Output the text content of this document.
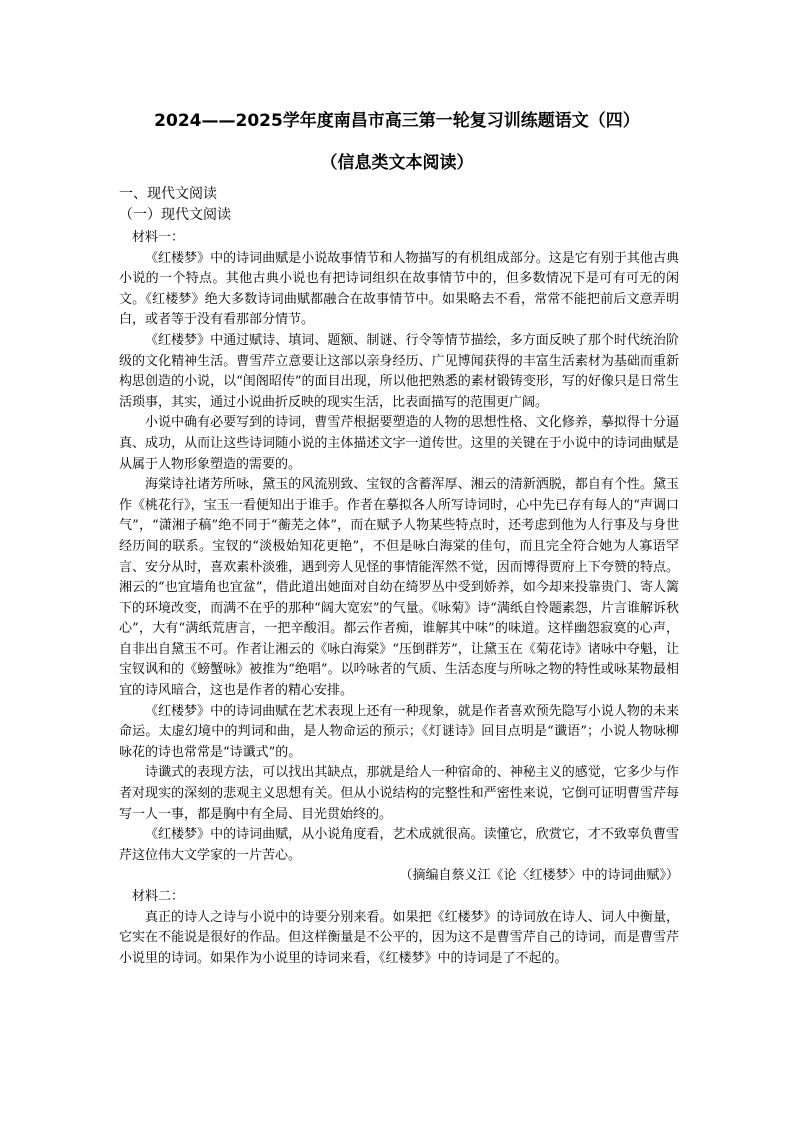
2024——2025学年度南昌市高三第一轮复习训练题语文（四）
（信息类文本阅读）
一、现代文阅读
（一）现代文阅读

材料一：

《红楼梦》中的诗词曲赋是小说故事情节和人物描写的有机组成部分。这是它有别于其他古典小说的一个特点。其他古典小说也有把诗词组织在故事情节中的，但多数情况下是可有可无的闲文。《红楼梦》绝大多数诗词曲赋都融合在故事情节中。如果略去不看，常常不能把前后文意弄明白，或者等于没有看那部分情节。

《红楼梦》中通过赋诗、填词、题额、制谜、行令等情节描绘，多方面反映了那个时代统治阶级的文化精神生活。曹雪芹立意要让这部以亲身经历、广见博闻获得的丰富生活素材为基础而重新构思创造的小说，以“闺阁昭传”的面目出现，所以他把熟悉的素材锻铸变形，写的好像只是日常生活琐事，其实，通过小说曲折反映的现实生活，比表面描写的范围更广阔。

小说中确有必要写到的诗词，曹雪芹根据要塑造的人物的思想性格、文化修养，摹拟得十分逼真、成功，从而让这些诗词随小说的主体描述文字一道传世。这里的关键在于小说中的诗词曲赋是从属于人物形象塑造的需要的。

海棠诗社诸芳所咏，黛玉的风流别致、宝钗的含蓄浑厚、湘云的清新洒脱，都自有个性。黛玉作《桃花行》，宝玉一看便知出于谁手。作者在摹拟各人所写诗词时，心中先已存有每人的“声调口气”，“潇湘子稿”绝不同于“蘅芜之体”，而在赋予人物某些特点时，还考虑到他为人行事及与身世经历间的联系。宝钗的“淡极始知花更艳”，不但是咏白海棠的佳句，而且完全符合她为人寡语罕言、安分从时，喜欢素朴淡雅，遇到旁人见怪的事情能浑然不觉，因而博得贾府上下夸赞的特点。湘云的“也宜墙角也宜盆”，借此道出她面对自幼在绮罗丛中受到娇养，如今却来投靠贵门、寄人篱下的环境改变，而满不在乎的那种“阔大宽宏”的气量。《咏菊》诗“满纸自怜题素怨，片言谁解诉秋心”，大有“满纸荒唐言，一把辛酸泪。都云作者痴，谁解其中味”的味道。这样幽怨寂寞的心声，自非出自黛玉不可。作者让湘云的《咏白海棠》“压倒群芳”，让黛玉在《菊花诗》诸咏中夺魁，让宝钗讽和的《螃蟹咏》被推为“绝唱”。以吟咏者的气质、生活态度与所咏之物的特性或咏某物最相宜的诗风暗合，这也是作者的精心安排。

《红楼梦》中的诗词曲赋在艺术表现上还有一种现象，就是作者喜欢预先隐写小说人物的未来命运。太虚幻境中的判词和曲，是人物命运的预示；《灯谜诗》回目点明是“谶语”；小说人物咏柳咏花的诗也常常是“诗谶式”的。

诗谶式的表现方法，可以找出其缺点，那就是给人一种宿命的、神秘主义的感觉，它多少与作者对现实的深刻的悲观主义思想有关。但从小说结构的完整性和严密性来说，它倒可证明曹雪芹每写一人一事，都是胸中有全局、目光贯始终的。

《红楼梦》中的诗词曲赋，从小说角度看，艺术成就很高。读懂它，欣赏它，才不致辜负曹雪芹这位伟大文学家的一片苦心。

（摘编自蔡义江《论〈红楼梦〉中的诗词曲赋》）

材料二：

真正的诗人之诗与小说中的诗要分别来看。如果把《红楼梦》的诗词放在诗人、词人中衡量，它实在不能说是很好的作品。但这样衡量是不公平的，因为这不是曹雪芹自己的诗词，而是曹雪芹小说里的诗词。如果作为小说里的诗词来看，《红楼梦》中的诗词是了不起的。
